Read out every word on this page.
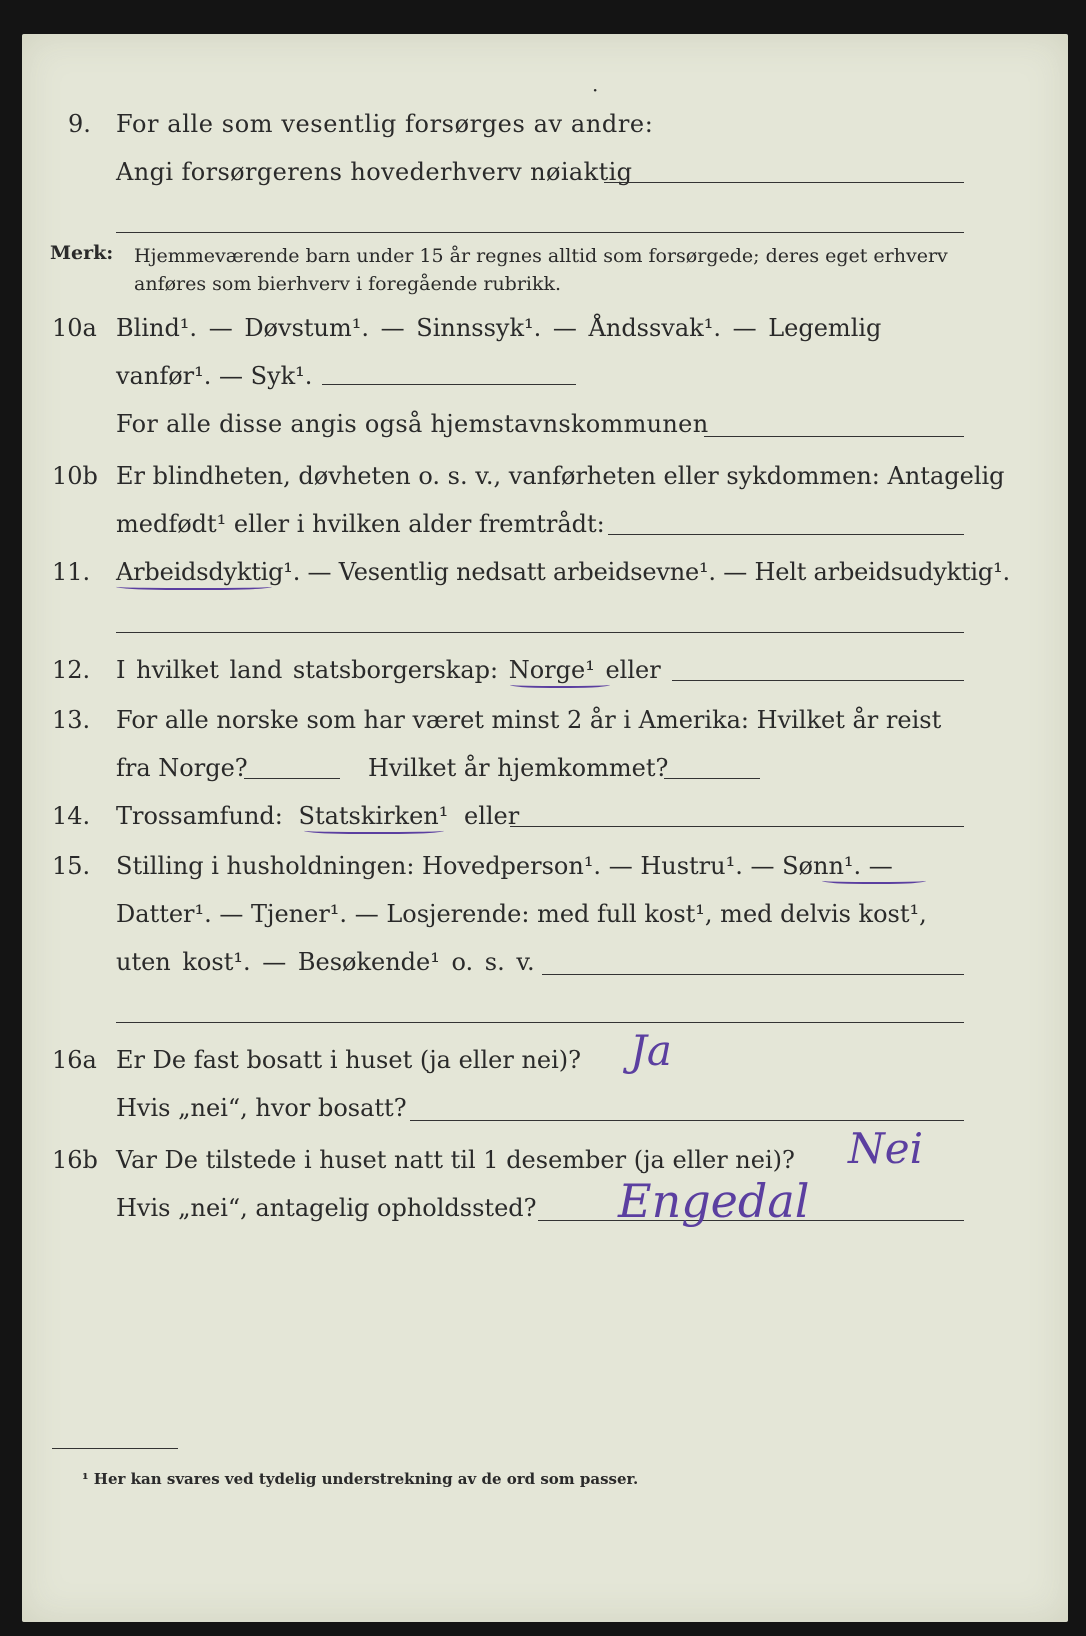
·
9. For alle som vesentlig forsørges av andre:
Angi forsørgerens hovederhverv nøiaktig
Merk: Hjemmeværende barn under 15 år regnes alltid som forsørgede; deres eget erhverv
anføres som bierhverv i foregående rubrikk.
10a Blind¹. — Døvstum¹. — Sinnssyk¹. — Åndssvak¹. — Legemlig
vanfør¹. — Syk¹.
For alle disse angis også hjemstavnskommunen
10b Er blindheten, døvheten o. s. v., vanførheten eller sykdommen: Antagelig
medfødt¹ eller i hvilken alder fremtrådt:
11. Arbeidsdyktig¹. — Vesentlig nedsatt arbeidsevne¹. — Helt arbeidsudyktig¹.
12. I hvilket land statsborgerskap: Norge¹ eller
13. For alle norske som har været minst 2 år i Amerika: Hvilket år reist
fra Norge?	Hvilket år hjemkommet?
14. Trossamfund: Statskirken¹ eller
15. Stilling i husholdningen: Hovedperson¹. — Hustru¹. — Sønn¹. —
Datter¹. — Tjener¹. — Losjerende: med full kost¹, med delvis kost¹,
uten kost¹. — Besøkende¹ o. s. v.
16a Er De fast bosatt i huset (ja eller nei)? Ja
Hvis „nei“, hvor bosatt?
16b Var De tilstede i huset natt til 1 desember (ja eller nei)? Nei
Hvis „nei“, antagelig opholdssted? Engedal
¹ Her kan svares ved tydelig understrekning av de ord som passer.
